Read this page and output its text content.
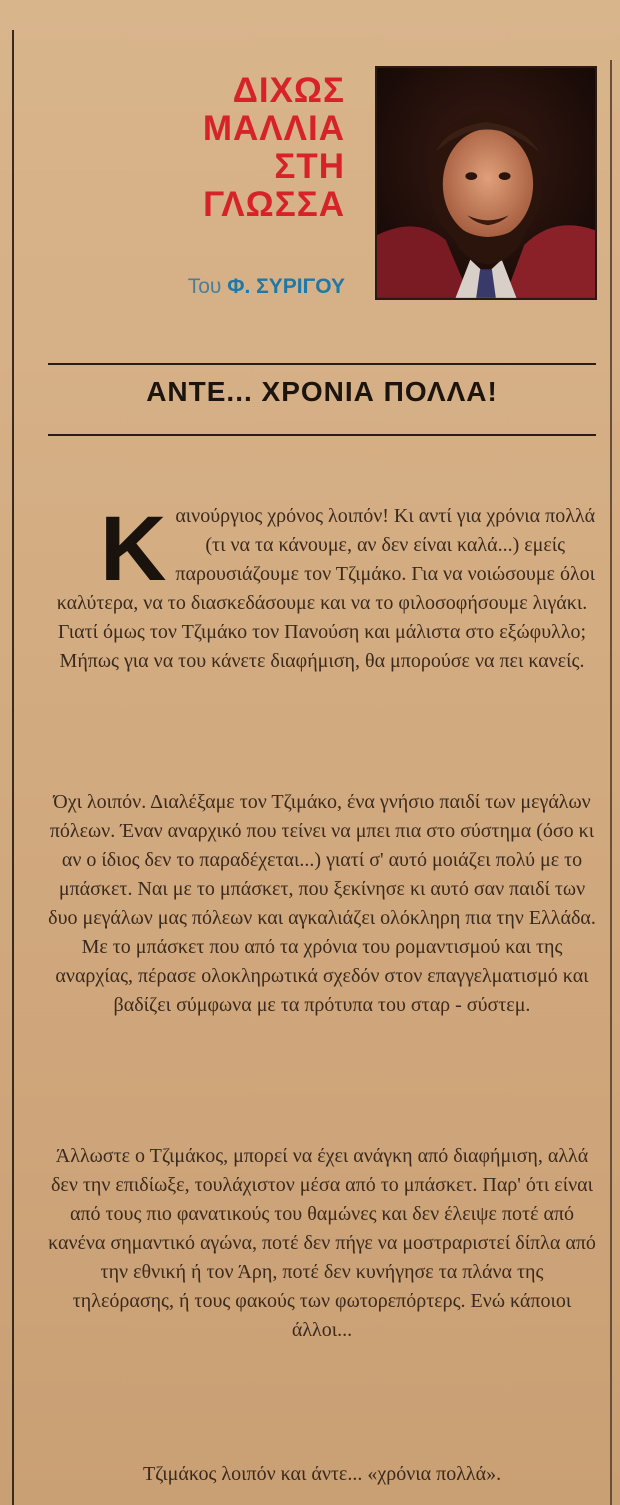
ΔΙΧΩΣ
ΜΑΛΛΙΑ
ΣΤΗ
ΓΛΩΣΣΑ
Του Φ. ΣΥΡΙΓΟΥ
ΑΝΤΕ... ΧΡΟΝΙΑ ΠΟΛΛΑ!
Κ αινούργιος χρόνος λοιπόν! Κι αντί για χρόνια πολλά (τι να τα κάνουμε, αν δεν είναι καλά...) εμείς παρουσιάζουμε τον Τζιμάκο. Για να νοιώσουμε όλοι καλύτερα, να το διασκεδάσουμε και να το φιλοσοφήσουμε λιγάκι. Γιατί όμως τον Τζιμάκο τον Πανούση και μάλιστα στο εξώφυλλο; Μήπως για να του κάνετε διαφήμιση, θα μπορούσε να πει κανείς.

Όχι λοιπόν. Διαλέξαμε τον Τζιμάκο, ένα γνήσιο παιδί των μεγάλων πόλεων. Έναν αναρχικό που τείνει να μπει πια στο σύστημα (όσο κι αν ο ίδιος δεν το παραδέχεται...) γιατί σ' αυτό μοιάζει πολύ με το μπάσκετ. Ναι με το μπάσκετ, που ξεκίνησε κι αυτό σαν παιδί των δυο μεγάλων μας πόλεων και αγκαλιάζει ολόκληρη πια την Ελλάδα. Με το μπάσκετ που από τα χρόνια του ρομαντισμού και της αναρχίας, πέρασε ολοκληρωτικά σχεδόν στον επαγγελματισμό και βαδίζει σύμφωνα με τα πρότυπα του σταρ - σύστεμ.

Άλλωστε ο Τζιμάκος, μπορεί να έχει ανάγκη από διαφήμιση, αλλά δεν την επιδίωξε, τουλάχιστον μέσα από το μπάσκετ. Παρ' ότι είναι από τους πιο φανατικούς του θαμώνες και δεν έλειψε ποτέ από κανένα σημαντικό αγώνα, ποτέ δεν πήγε να μοστραριστεί δίπλα από την εθνική ή τον Άρη, ποτέ δεν κυνήγησε τα πλάνα της τηλεόρασης, ή τους φακούς των φωτορεπόρτερς. Ενώ κάποιοι άλλοι...

Τζιμάκος λοιπόν και άντε... «χρόνια πολλά».
